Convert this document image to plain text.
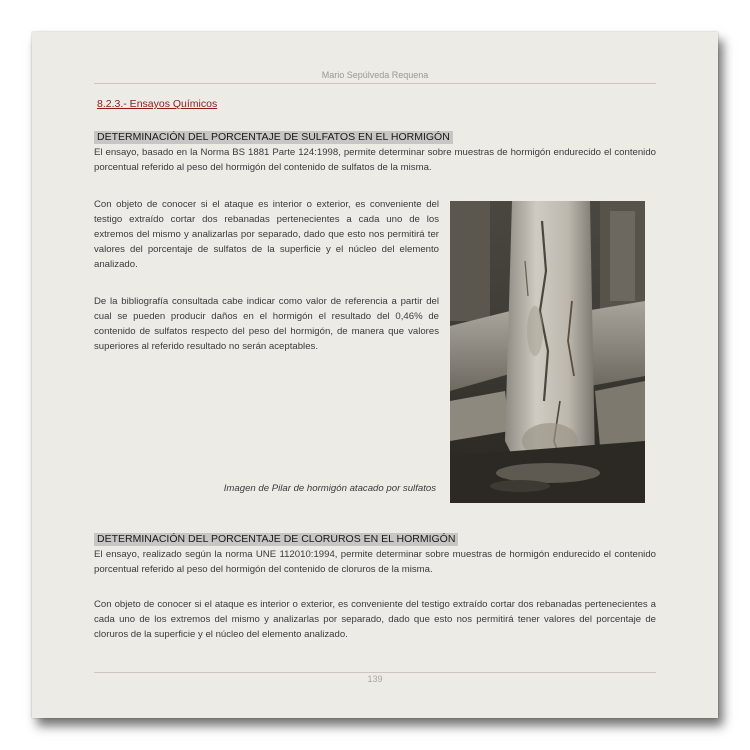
Mario Sepúlveda Requena
8.2.3.- Ensayos Químicos
DETERMINACIÓN DEL PORCENTAJE DE SULFATOS EN EL HORMIGÓN

El ensayo, basado en la Norma BS 1881 Parte 124:1998, permite determinar sobre muestras de hormigón endurecido el contenido porcentual referido al peso del hormigón del contenido de sulfatos de la misma.

Con objeto de conocer si el ataque es interior o exterior, es conveniente del testigo extraído cortar dos rebanadas pertenecientes a cada uno de los extremos del mismo y analizarlas por separado, dado que esto nos permitirá ter valores del porcentaje de sulfatos de la superficie y el núcleo del elemento analizado.

De la bibliografía consultada cabe indicar como valor de referencia a partir del cual se pueden producir daños en el hormigón el resultado del 0,46% de contenido de sulfatos respecto del peso del hormigón, de manera que valores superiores al referido resultado no serán aceptables.

Imagen de Pilar de hormigón atacado por sulfatos
DETERMINACIÓN DEL PORCENTAJE DE CLORUROS EN EL HORMIGÓN

El ensayo, realizado según la norma UNE 112010:1994, permite determinar sobre muestras de hormigón endurecido el contenido porcentual referido al peso del hormigón del contenido de cloruros de la misma.

Con objeto de conocer si el ataque es interior o exterior, es conveniente del testigo extraído cortar dos rebanadas pertenecientes a cada uno de los extremos del mismo y analizarlas por separado, dado que esto nos permitirá tener valores del porcentaje de cloruros de la superficie y el núcleo del elemento analizado.

139
